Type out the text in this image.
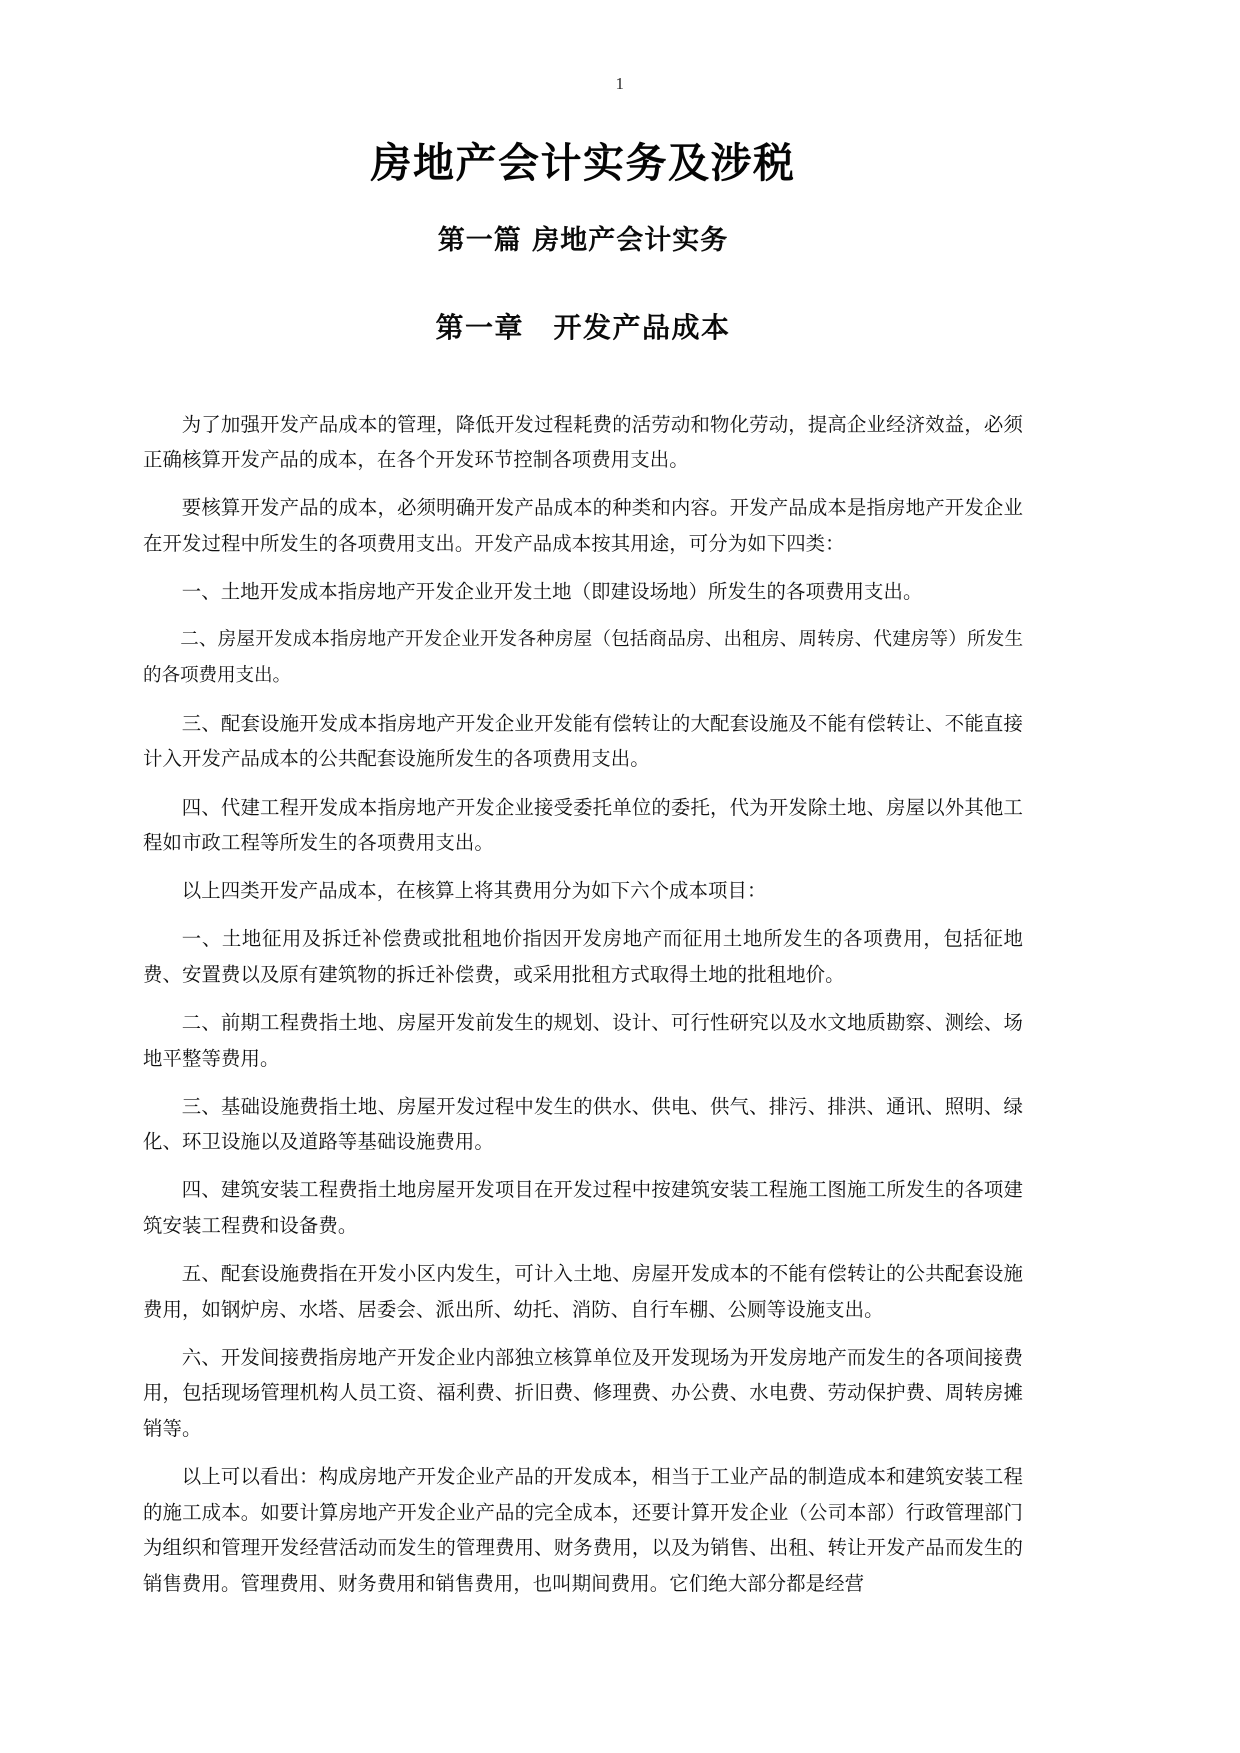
1
房地产会计实务及涉税
第一篇 房地产会计实务
第一章　开发产品成本

为了加强开发产品成本的管理，降低开发过程耗费的活劳动和物化劳动，提高企业经济效益，必须正确核算开发产品的成本，在各个开发环节控制各项费用支出。

要核算开发产品的成本，必须明确开发产品成本的种类和内容。开发产品成本是指房地产开发企业在开发过程中所发生的各项费用支出。开发产品成本按其用途，可分为如下四类：

一、土地开发成本指房地产开发企业开发土地（即建设场地）所发生的各项费用支出。

二、房屋开发成本指房地产开发企业开发各种房屋（包括商品房、出租房、周转房、代建房等）所发生的各项费用支出。

三、配套设施开发成本指房地产开发企业开发能有偿转让的大配套设施及不能有偿转让、不能直接计入开发产品成本的公共配套设施所发生的各项费用支出。

四、代建工程开发成本指房地产开发企业接受委托单位的委托，代为开发除土地、房屋以外其他工程如市政工程等所发生的各项费用支出。

以上四类开发产品成本，在核算上将其费用分为如下六个成本项目：

一、土地征用及拆迁补偿费或批租地价指因开发房地产而征用土地所发生的各项费用，包括征地费、安置费以及原有建筑物的拆迁补偿费，或采用批租方式取得土地的批租地价。

二、前期工程费指土地、房屋开发前发生的规划、设计、可行性研究以及水文地质勘察、测绘、场地平整等费用。

三、基础设施费指土地、房屋开发过程中发生的供水、供电、供气、排污、排洪、通讯、照明、绿化、环卫设施以及道路等基础设施费用。

四、建筑安装工程费指土地房屋开发项目在开发过程中按建筑安装工程施工图施工所发生的各项建筑安装工程费和设备费。

五、配套设施费指在开发小区内发生，可计入土地、房屋开发成本的不能有偿转让的公共配套设施费用，如钢炉房、水塔、居委会、派出所、幼托、消防、自行车棚、公厕等设施支出。

六、开发间接费指房地产开发企业内部独立核算单位及开发现场为开发房地产而发生的各项间接费用，包括现场管理机构人员工资、福利费、折旧费、修理费、办公费、水电费、劳动保护费、周转房摊销等。

以上可以看出：构成房地产开发企业产品的开发成本，相当于工业产品的制造成本和建筑安装工程的施工成本。如要计算房地产开发企业产品的完全成本，还要计算开发企业（公司本部）行政管理部门为组织和管理开发经营活动而发生的管理费用、财务费用，以及为销售、出租、转让开发产品而发生的销售费用。管理费用、财务费用和销售费用，也叫期间费用。它们绝大部分都是经营
